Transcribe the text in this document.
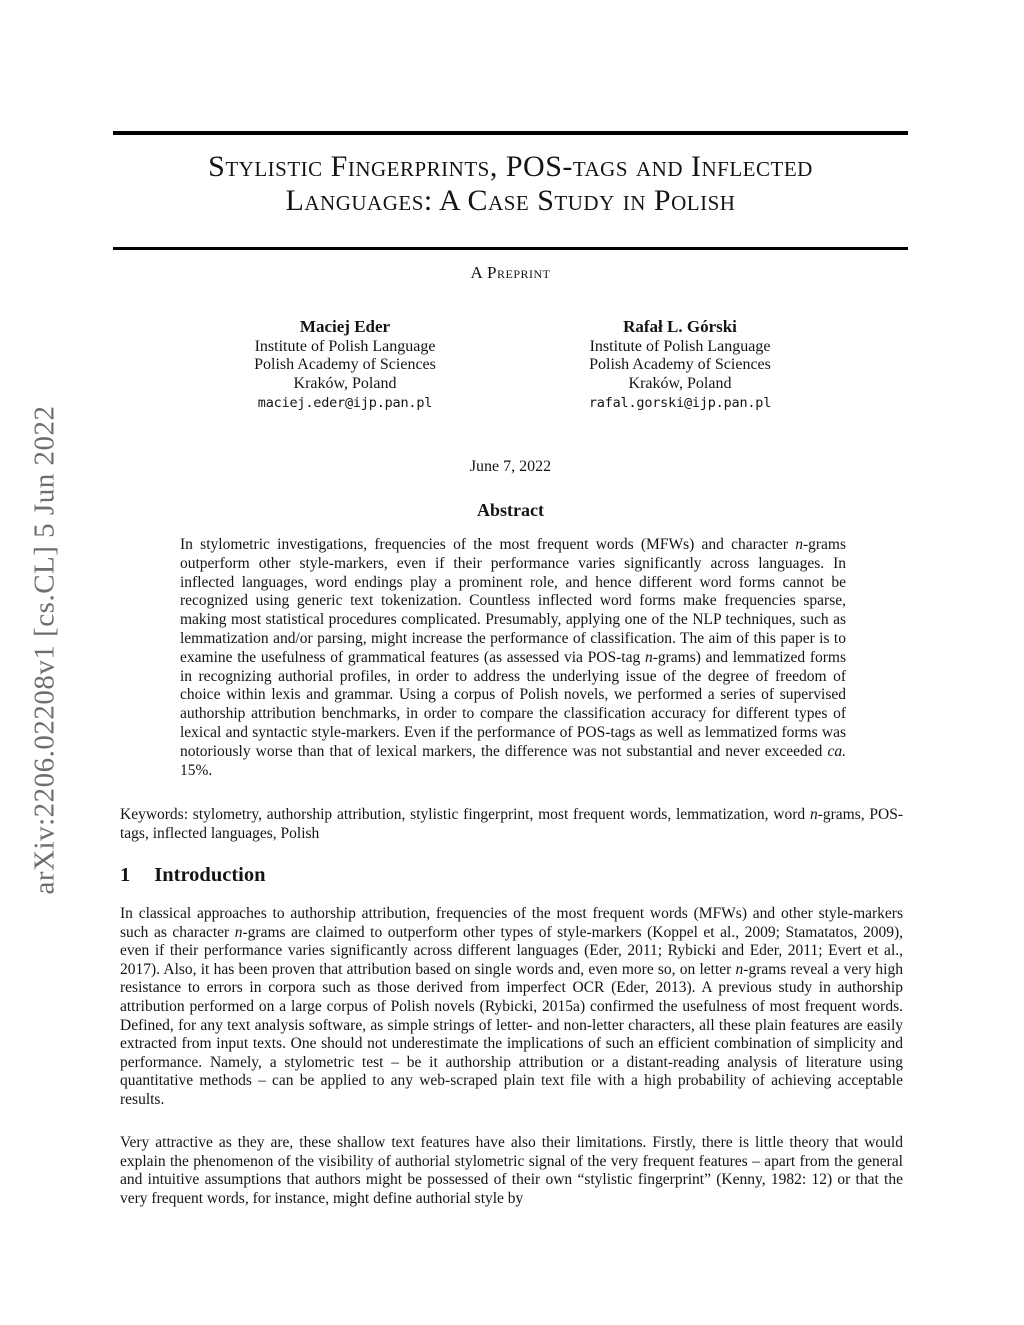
arXiv:2206.02208v1 [cs.CL] 5 Jun 2022
Stylistic Fingerprints, POS-tags and Inflected
Languages: A Case Study in Polish
A Preprint
Maciej Eder
Institute of Polish Language
Polish Academy of Sciences
Kraków, Poland
maciej.eder@ijp.pan.pl
Rafał L. Górski
Institute of Polish Language
Polish Academy of Sciences
Kraków, Poland
rafal.gorski@ijp.pan.pl
June 7, 2022
Abstract
In stylometric investigations, frequencies of the most frequent words (MFWs) and character n-grams outperform other style-markers, even if their performance varies significantly across languages. In inflected languages, word endings play a prominent role, and hence different word forms cannot be recognized using generic text tokenization. Countless inflected word forms make frequencies sparse, making most statistical procedures complicated. Presumably, applying one of the NLP techniques, such as lemmatization and/or parsing, might increase the performance of classification. The aim of this paper is to examine the usefulness of grammatical features (as assessed via POS-tag n-grams) and lemmatized forms in recognizing authorial profiles, in order to address the underlying issue of the degree of freedom of choice within lexis and grammar. Using a corpus of Polish novels, we performed a series of supervised authorship attribution benchmarks, in order to compare the classification accuracy for different types of lexical and syntactic style-markers. Even if the performance of POS-tags as well as lemmatized forms was notoriously worse than that of lexical markers, the difference was not substantial and never exceeded ca. 15%.
Keywords: stylometry, authorship attribution, stylistic fingerprint, most frequent words, lemmatization, word n-grams, POS-tags, inflected languages, Polish
1 Introduction
In classical approaches to authorship attribution, frequencies of the most frequent words (MFWs) and other style-markers such as character n-grams are claimed to outperform other types of style-markers (Koppel et al., 2009; Stamatatos, 2009), even if their performance varies significantly across different languages (Eder, 2011; Rybicki and Eder, 2011; Evert et al., 2017). Also, it has been proven that attribution based on single words and, even more so, on letter n-grams reveal a very high resistance to errors in corpora such as those derived from imperfect OCR (Eder, 2013). A previous study in authorship attribution performed on a large corpus of Polish novels (Rybicki, 2015a) confirmed the usefulness of most frequent words. Defined, for any text analysis software, as simple strings of letter- and non-letter characters, all these plain features are easily extracted from input texts. One should not underestimate the implications of such an efficient combination of simplicity and performance. Namely, a stylometric test – be it authorship attribution or a distant-reading analysis of literature using quantitative methods – can be applied to any web-scraped plain text file with a high probability of achieving acceptable results.
Very attractive as they are, these shallow text features have also their limitations. Firstly, there is little theory that would explain the phenomenon of the visibility of authorial stylometric signal of the very frequent features – apart from the general and intuitive assumptions that authors might be possessed of their own “stylistic fingerprint” (Kenny, 1982: 12) or that the very frequent words, for instance, might define authorial style by
